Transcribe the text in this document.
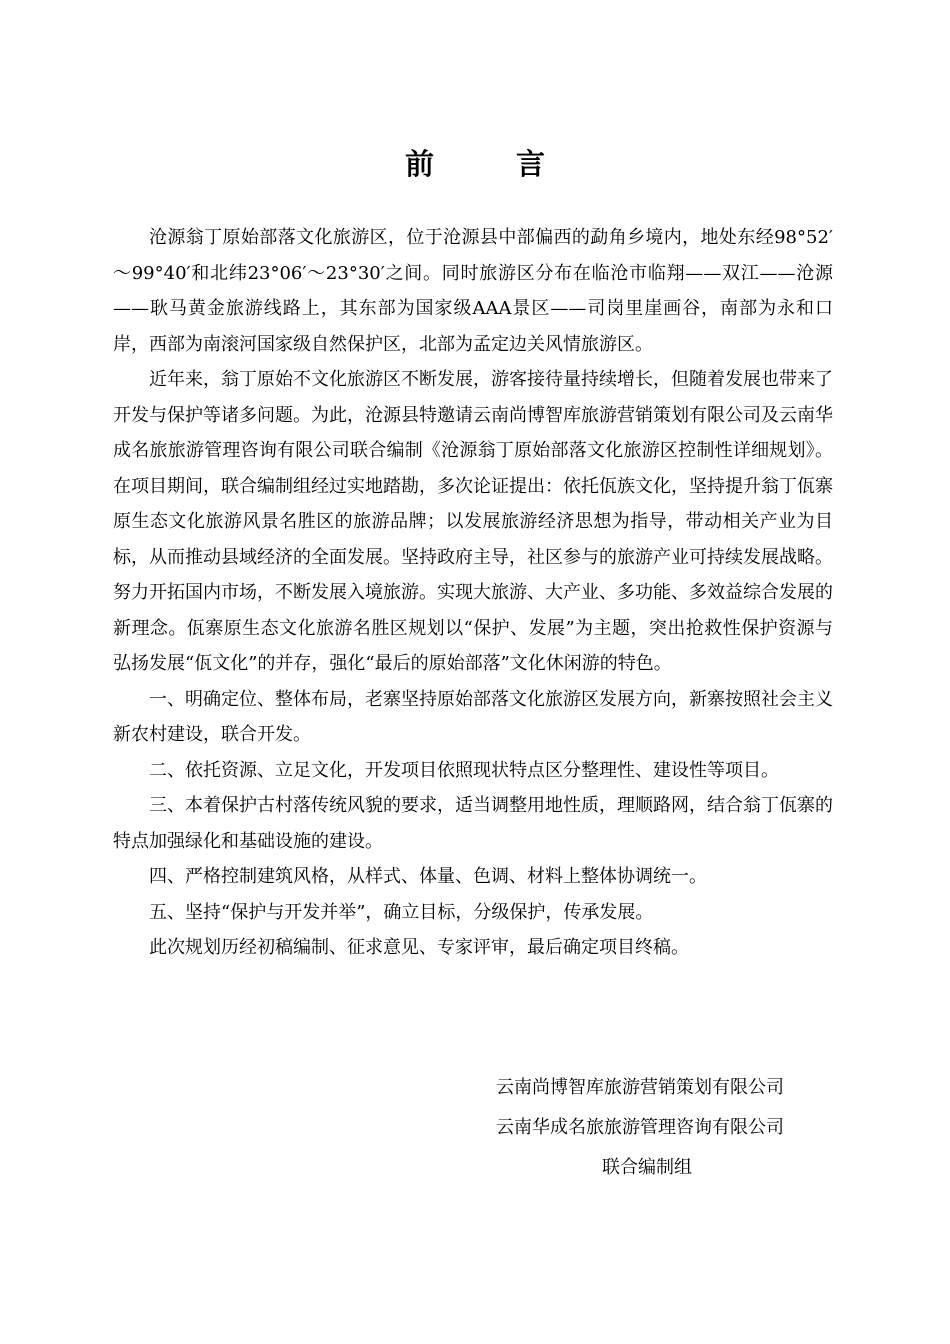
前 言

沧源翁丁原始部落文化旅游区，位于沧源县中部偏西的勐角乡境内，地处东经98°52′～99°40′和北纬23°06′～23°30′之间。同时旅游区分布在临沧市临翔——双江——沧源——耿马黄金旅游线路上，其东部为国家级AAA景区——司岗里崖画谷，南部为永和口岸，西部为南滚河国家级自然保护区，北部为孟定边关风情旅游区。

近年来，翁丁原始不文化旅游区不断发展，游客接待量持续增长，但随着发展也带来了开发与保护等诸多问题。为此，沧源县特邀请云南尚博智库旅游营销策划有限公司及云南华成名旅旅游管理咨询有限公司联合编制《沧源翁丁原始部落文化旅游区控制性详细规划》。在项目期间，联合编制组经过实地踏勘，多次论证提出：依托佤族文化，坚持提升翁丁佤寨原生态文化旅游风景名胜区的旅游品牌；以发展旅游经济思想为指导，带动相关产业为目标，从而推动县域经济的全面发展。坚持政府主导，社区参与的旅游产业可持续发展战略。努力开拓国内市场，不断发展入境旅游。实现大旅游、大产业、多功能、多效益综合发展的新理念。佤寨原生态文化旅游名胜区规划以“保护、发展”为主题，突出抢救性保护资源与弘扬发展“佤文化”的并存，强化“最后的原始部落”文化休闲游的特色。

一、明确定位、整体布局，老寨坚持原始部落文化旅游区发展方向，新寨按照社会主义新农村建设，联合开发。

二、依托资源、立足文化，开发项目依照现状特点区分整理性、建设性等项目。

三、本着保护古村落传统风貌的要求，适当调整用地性质，理顺路网，结合翁丁佤寨的特点加强绿化和基础设施的建设。

四、严格控制建筑风格，从样式、体量、色调、材料上整体协调统一。

五、坚持“保护与开发并举”，确立目标，分级保护，传承发展。

此次规划历经初稿编制、征求意见、专家评审，最后确定项目终稿。

云南尚博智库旅游营销策划有限公司
云南华成名旅旅游管理咨询有限公司
联合编制组
